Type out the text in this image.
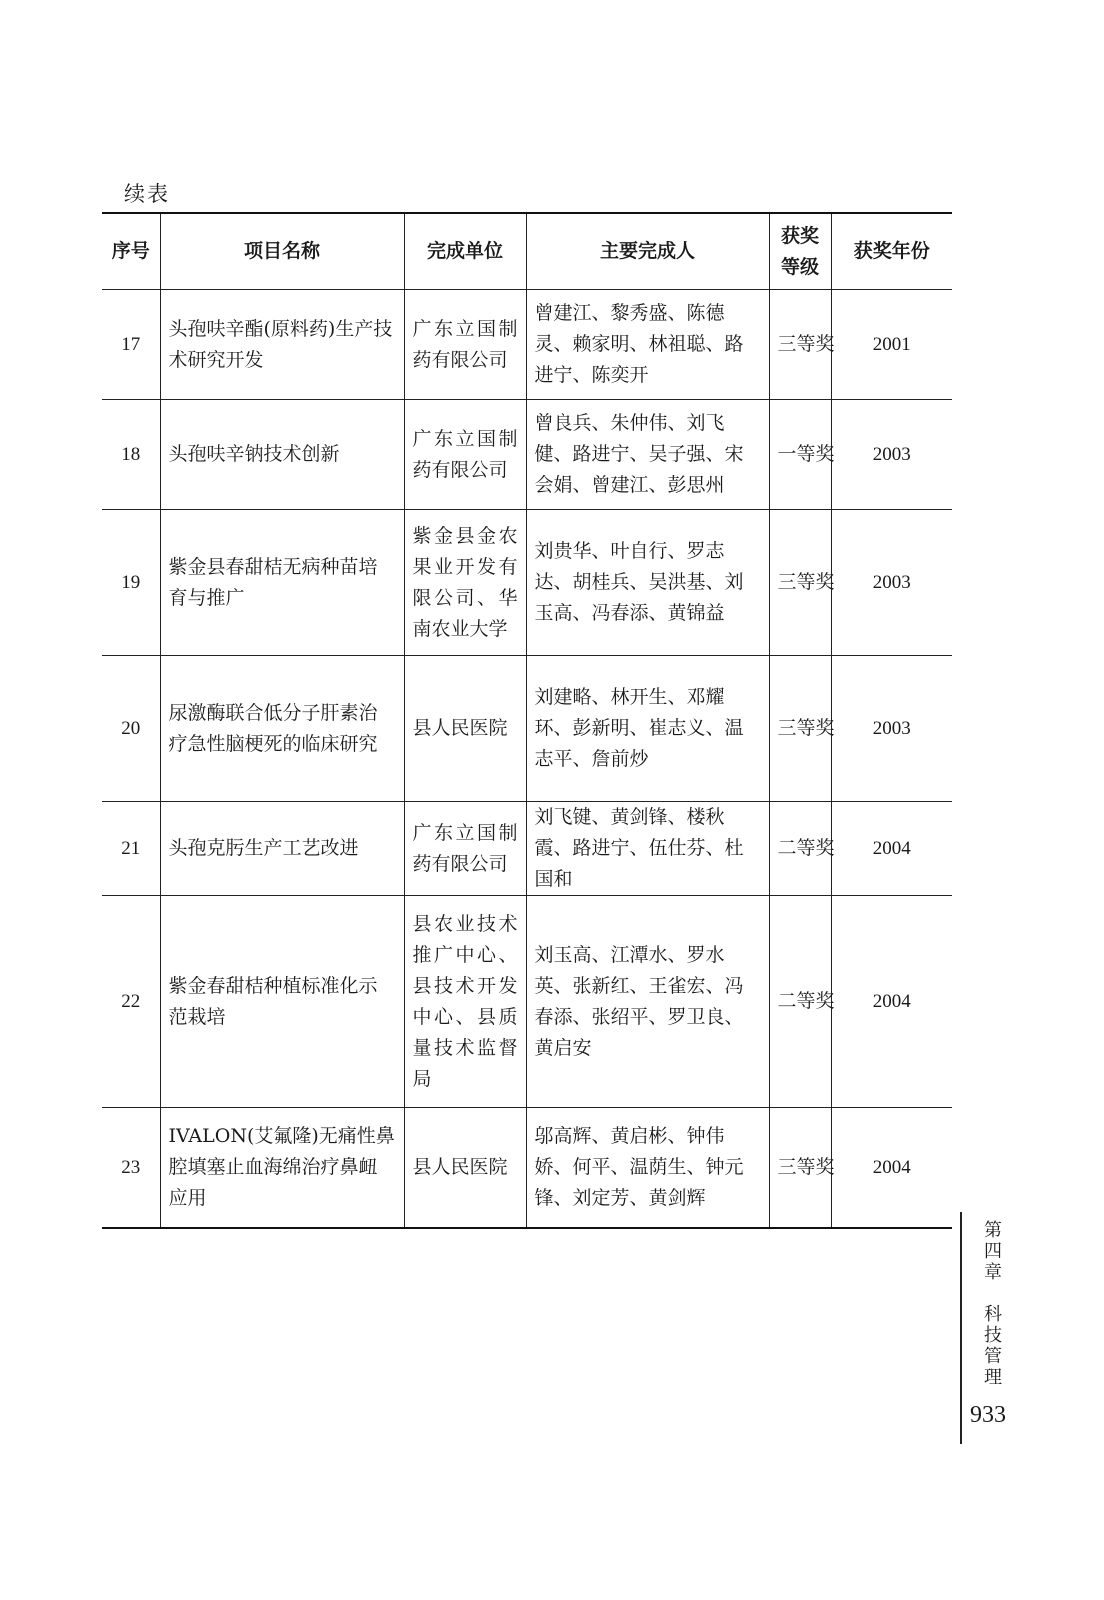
续表
序号	项目名称	完成单位	主要完成人	获奖等级	获奖年份
17	头孢呋辛酯(原料药)生产技术研究开发	广东立国制药有限公司	曾建江、黎秀盛、陈德灵、赖家明、林祖聪、路进宁、陈奕开	三等奖	2001
18	头孢呋辛钠技术创新	广东立国制药有限公司	曾良兵、朱仲伟、刘飞健、路进宁、吴子强、宋会娟、曾建江、彭思州	一等奖	2003
19	紫金县春甜桔无病种苗培育与推广	紫金县金农果业开发有限公司、华南农业大学	刘贵华、叶自行、罗志达、胡桂兵、吴洪基、刘玉高、冯春添、黄锦益	三等奖	2003
20	尿激酶联合低分子肝素治疗急性脑梗死的临床研究	县人民医院	刘建略、林开生、邓耀环、彭新明、崔志义、温志平、詹前炒	三等奖	2003
21	头孢克肟生产工艺改进	广东立国制药有限公司	刘飞键、黄剑锋、楼秋霞、路进宁、伍仕芬、杜国和	二等奖	2004
22	紫金春甜桔种植标准化示范栽培	县农业技术推广中心、县技术开发中心、县质量技术监督局	刘玉高、江潭水、罗水英、张新红、王雀宏、冯春添、张绍平、罗卫良、黄启安	二等奖	2004
23	IVALON(艾氟隆)无痛性鼻腔填塞止血海绵治疗鼻衄应用	县人民医院	邬高辉、黄启彬、钟伟娇、何平、温荫生、钟元锋、刘定芳、黄剑辉	三等奖	2004
第四章　科技管理
933
